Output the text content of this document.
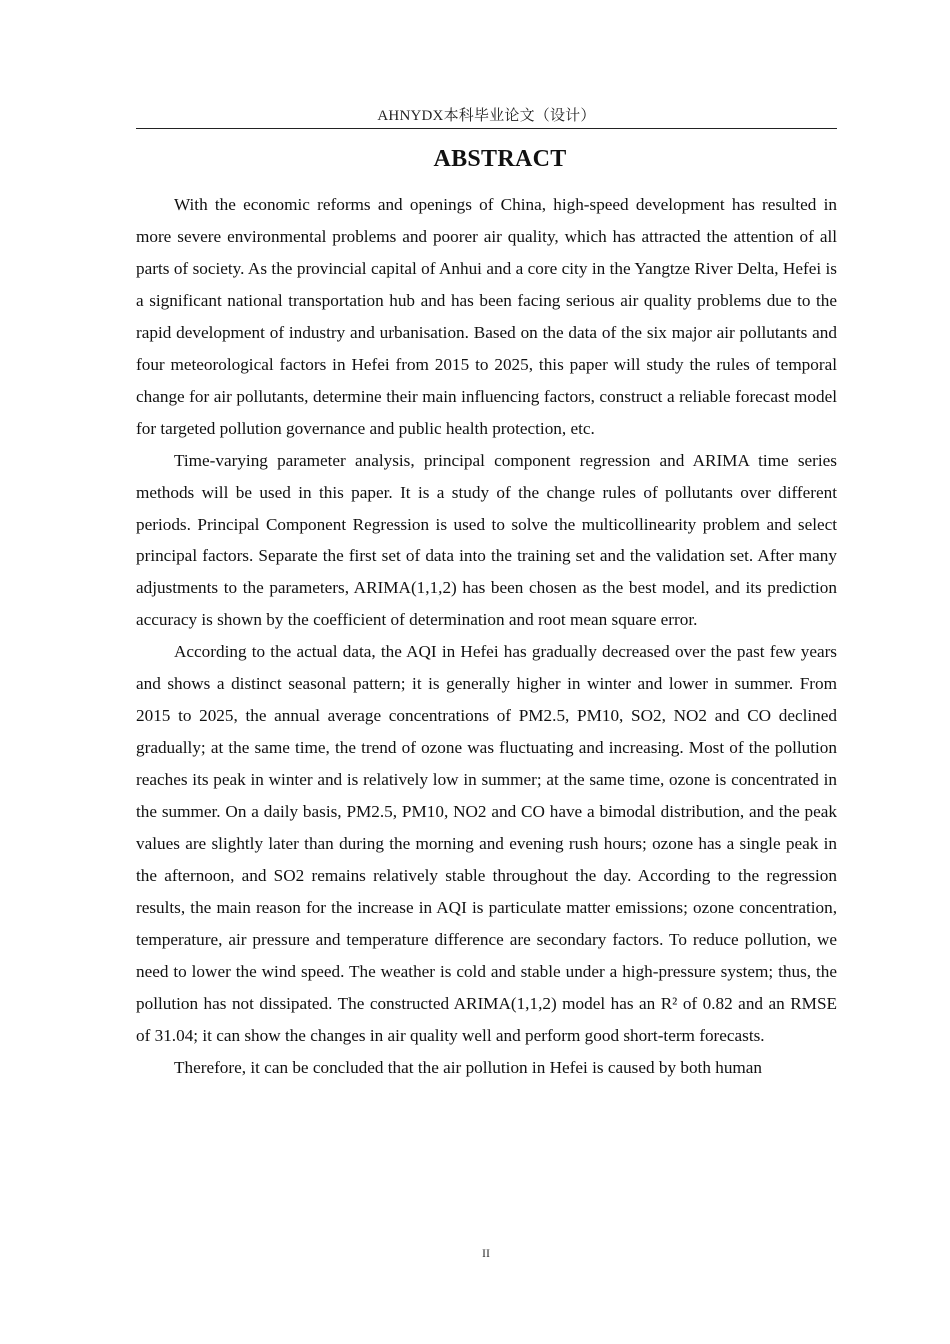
AHNYDX本科毕业论文（设计）
ABSTRACT

With the economic reforms and openings of China, high-speed development has resulted in more severe environmental problems and poorer air quality, which has attracted the attention of all parts of society. As the provincial capital of Anhui and a core city in the Yangtze River Delta, Hefei is a significant national transportation hub and has been facing serious air quality problems due to the rapid development of industry and urbanisation. Based on the data of the six major air pollutants and four meteorological factors in Hefei from 2015 to 2025, this paper will study the rules of temporal change for air pollutants, determine their main influencing factors, construct a reliable forecast model for targeted pollution governance and public health protection, etc.

Time-varying parameter analysis, principal component regression and ARIMA time series methods will be used in this paper. It is a study of the change rules of pollutants over different periods. Principal Component Regression is used to solve the multicollinearity problem and select principal factors. Separate the first set of data into the training set and the validation set. After many adjustments to the parameters, ARIMA(1,1,2) has been chosen as the best model, and its prediction accuracy is shown by the coefficient of determination and root mean square error.

According to the actual data, the AQI in Hefei has gradually decreased over the past few years and shows a distinct seasonal pattern; it is generally higher in winter and lower in summer. From 2015 to 2025, the annual average concentrations of PM2.5, PM10, SO2, NO2 and CO declined gradually; at the same time, the trend of ozone was fluctuating and increasing. Most of the pollution reaches its peak in winter and is relatively low in summer; at the same time, ozone is concentrated in the summer. On a daily basis, PM2.5, PM10, NO2 and CO have a bimodal distribution, and the peak values are slightly later than during the morning and evening rush hours; ozone has a single peak in the afternoon, and SO2 remains relatively stable throughout the day. According to the regression results, the main reason for the increase in AQI is particulate matter emissions; ozone concentration, temperature, air pressure and temperature difference are secondary factors. To reduce pollution, we need to lower the wind speed. The weather is cold and stable under a high-pressure system; thus, the pollution has not dissipated. The constructed ARIMA(1,1,2) model has an R² of 0.82 and an RMSE of 31.04; it can show the changes in air quality well and perform good short-term forecasts.

Therefore, it can be concluded that the air pollution in Hefei is caused by both human

II
